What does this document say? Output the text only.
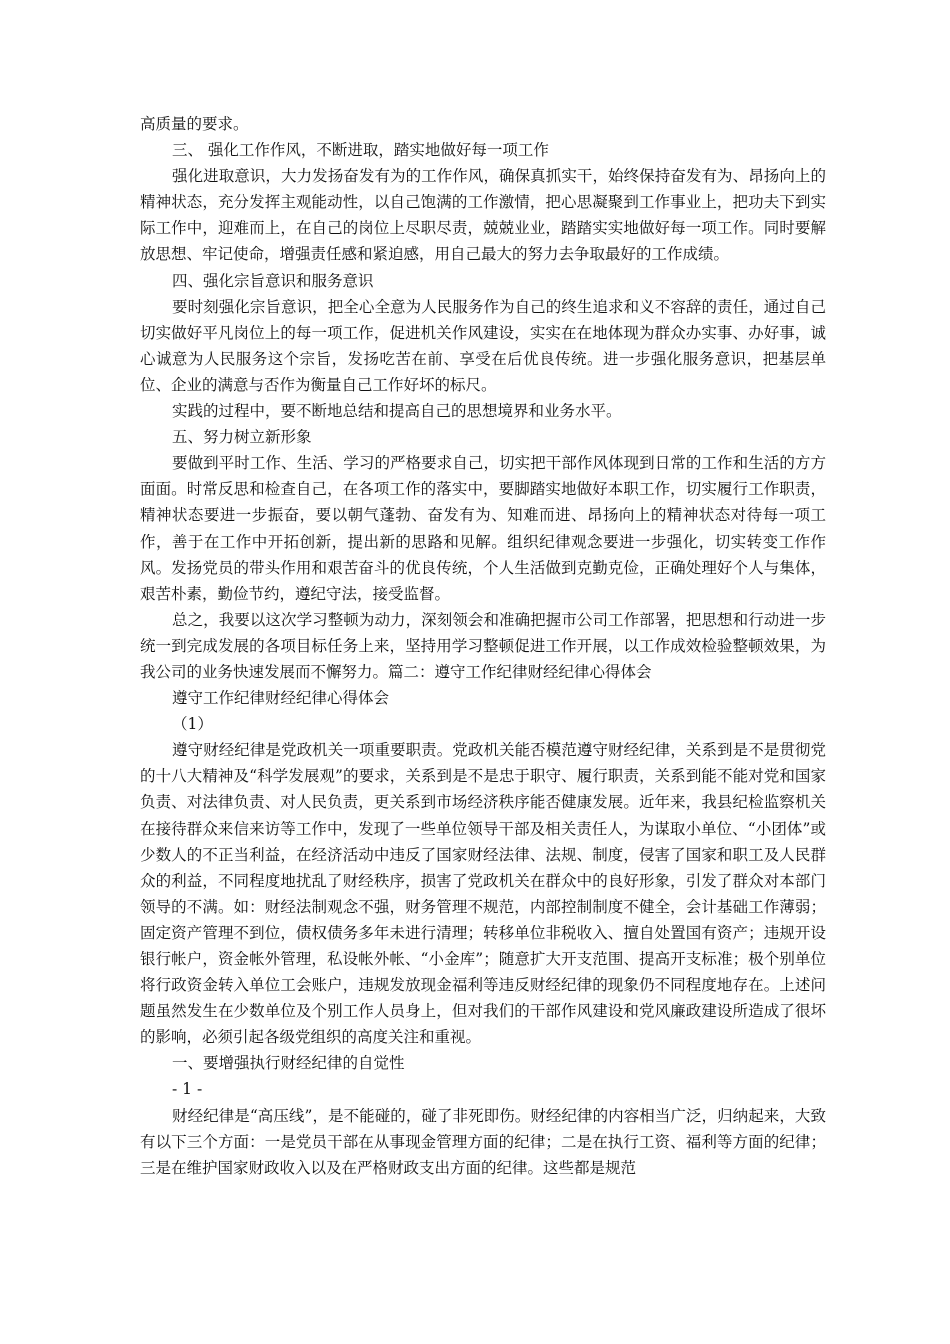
高质量的要求。

三、 强化工作作风，不断进取，踏实地做好每一项工作

强化进取意识，大力发扬奋发有为的工作作风，确保真抓实干，始终保持奋发有为、昂扬向上的精神状态，充分发挥主观能动性，以自己饱满的工作激情，把心思凝聚到工作事业上，把功夫下到实际工作中，迎难而上，在自己的岗位上尽职尽责，兢兢业业，踏踏实实地做好每一项工作。同时要解放思想、牢记使命，增强责任感和紧迫感，用自己最大的努力去争取最好的工作成绩。

四、强化宗旨意识和服务意识

要时刻强化宗旨意识，把全心全意为人民服务作为自己的终生追求和义不容辞的责任，通过自己切实做好平凡岗位上的每一项工作，促进机关作风建设，实实在在地体现为群众办实事、办好事，诚心诚意为人民服务这个宗旨，发扬吃苦在前、享受在后优良传统。进一步强化服务意识，把基层单位、企业的满意与否作为衡量自己工作好坏的标尺。

实践的过程中，要不断地总结和提高自己的思想境界和业务水平。

五、努力树立新形象

要做到平时工作、生活、学习的严格要求自己，切实把干部作风体现到日常的工作和生活的方方面面。时常反思和检查自己，在各项工作的落实中，要脚踏实地做好本职工作，切实履行工作职责，精神状态要进一步振奋，要以朝气蓬勃、奋发有为、知难而进、昂扬向上的精神状态对待每一项工作，善于在工作中开拓创新，提出新的思路和见解。组织纪律观念要进一步强化，切实转变工作作风。发扬党员的带头作用和艰苦奋斗的优良传统，个人生活做到克勤克俭，正确处理好个人与集体，艰苦朴素，勤俭节约，遵纪守法，接受监督。

总之，我要以这次学习整顿为动力，深刻领会和准确把握市公司工作部署，把思想和行动进一步统一到完成发展的各项目标任务上来，坚持用学习整顿促进工作开展，以工作成效检验整顿效果，为我公司的业务快速发展而不懈努力。篇二：遵守工作纪律财经纪律心得体会

遵守工作纪律财经纪律心得体会

（1）

遵守财经纪律是党政机关一项重要职责。党政机关能否模范遵守财经纪律，关系到是不是贯彻党的十八大精神及“科学发展观”的要求，关系到是不是忠于职守、履行职责，关系到能不能对党和国家负责、对法律负责、对人民负责，更关系到市场经济秩序能否健康发展。近年来，我县纪检监察机关在接待群众来信来访等工作中，发现了一些单位领导干部及相关责任人，为谋取小单位、“小团体”或少数人的不正当利益，在经济活动中违反了国家财经法律、法规、制度，侵害了国家和职工及人民群众的利益，不同程度地扰乱了财经秩序，损害了党政机关在群众中的良好形象，引发了群众对本部门领导的不满。如：财经法制观念不强，财务管理不规范，内部控制制度不健全，会计基础工作薄弱；固定资产管理不到位，债权债务多年未进行清理；转移单位非税收入、擅自处置国有资产；违规开设银行帐户，资金帐外管理，私设帐外帐、“小金库”；随意扩大开支范围、提高开支标准；极个别单位将行政资金转入单位工会账户，违规发放现金福利等违反财经纪律的现象仍不同程度地存在。上述问题虽然发生在少数单位及个别工作人员身上，但对我们的干部作风建设和党风廉政建设所造成了很坏的影响，必须引起各级党组织的高度关注和重视。

一、要增强执行财经纪律的自觉性

- 1 -

财经纪律是“高压线”，是不能碰的，碰了非死即伤。财经纪律的内容相当广泛，归纳起来，大致有以下三个方面：一是党员干部在从事现金管理方面的纪律；二是在执行工资、福利等方面的纪律；三是在维护国家财政收入以及在严格财政支出方面的纪律。这些都是规范
